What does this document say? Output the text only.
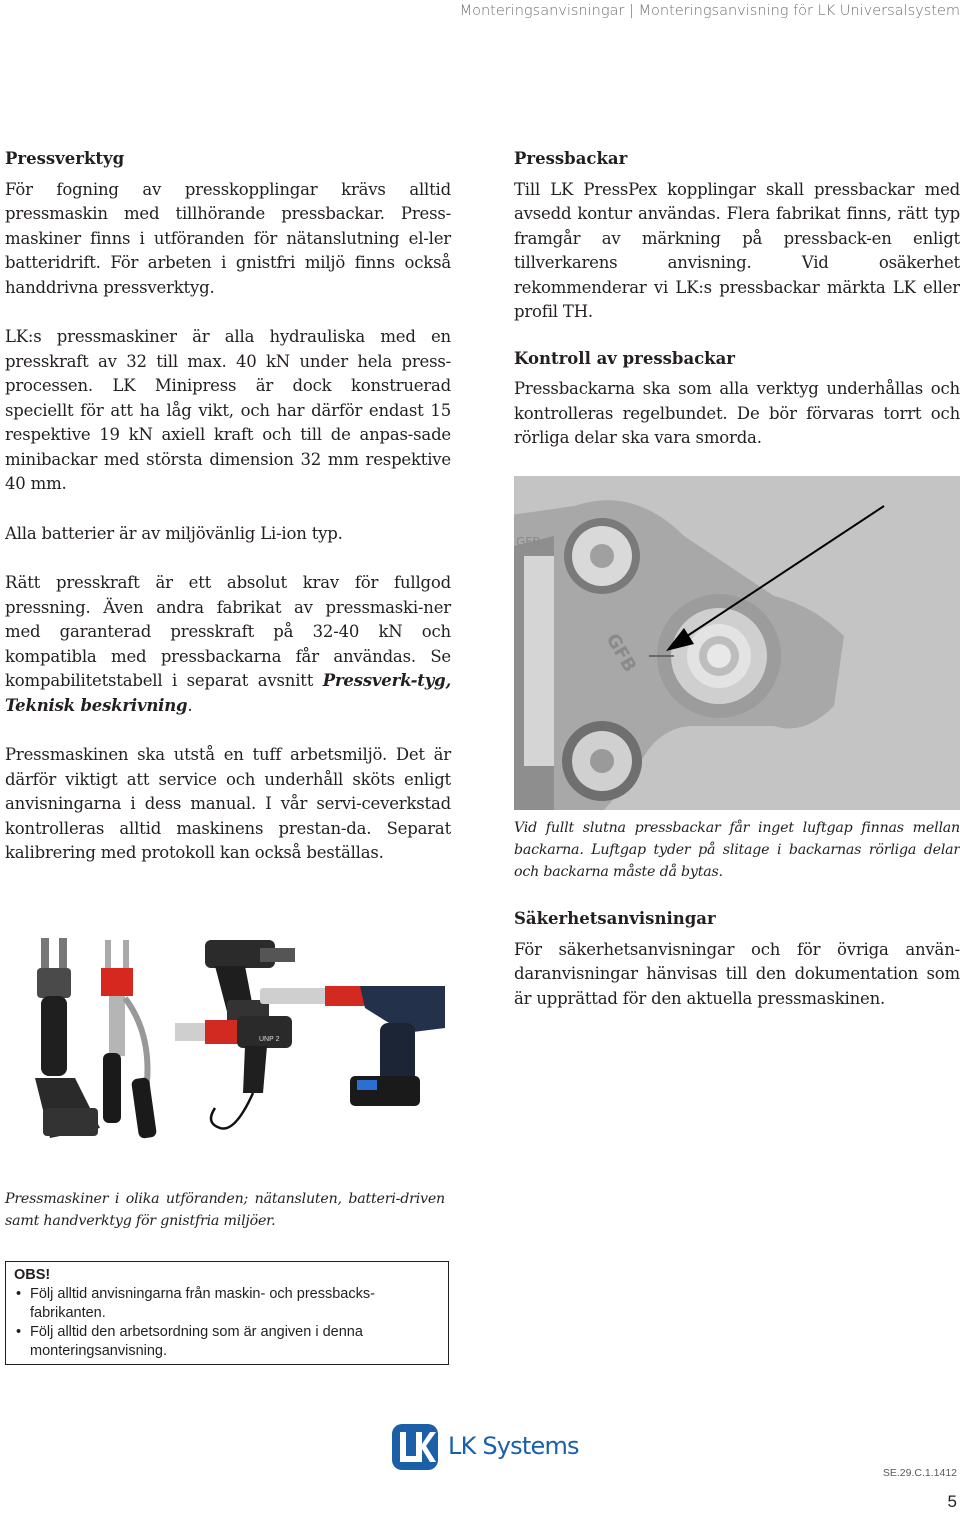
Monteringsanvisningar | Monteringsanvisning för LK Universalsystem
Pressverktyg

För fogning av presskopplingar krävs alltid pressmaskin med tillhörande pressbackar. Press-maskiner finns i utföranden för nätanslutning el-ler batteridrift. För arbeten i gnistfri miljö finns också handdrivna pressverktyg.

LK:s pressmaskiner är alla hydrauliska med en presskraft av 32 till max. 40 kN under hela press-processen. LK Minipress är dock konstruerad speciellt för att ha låg vikt, och har därför endast 15 respektive 19 kN axiell kraft och till de anpas-sade minibackar med största dimension 32 mm respektive 40 mm.

Alla batterier är av miljövänlig Li-ion typ.

Rätt presskraft är ett absolut krav för fullgod pressning. Även andra fabrikat av pressmaski-ner med garanterad presskraft på 32-40 kN och kompatibla med pressbackarna får användas. Se kompabilitetstabell i separat avsnitt Pressverk-tyg, Teknisk beskrivning.

Pressmaskinen ska utstå en tuff arbetsmiljö. Det är därför viktigt att service och underhåll sköts enligt anvisningarna i dess manual. I vår servi-ceverkstad kontrolleras alltid maskinens prestan-da. Separat kalibrering med protokoll kan också beställas.

UNP 2

Pressmaskiner i olika utföranden; nätansluten, batteri-driven samt handverktyg för gnistfria miljöer.

OBS!
• Följ alltid anvisningarna från maskin- och pressbacks-fabrikanten.
• Följ alltid den arbetsordning som är angiven i denna monteringsanvisning.
Pressbackar

Till LK PressPex kopplingar skall pressbackar med avsedd kontur användas. Flera fabrikat finns, rätt typ framgår av märkning på pressback-en enligt tillverkarens anvisning. Vid osäkerhet rekommenderar vi LK:s pressbackar märkta LK eller profil TH.

Kontroll av pressbackar

Pressbackarna ska som alla verktyg underhållas och kontrolleras regelbundet. De bör förvaras torrt och rörliga delar ska vara smorda.

GFB
GFB

Vid fullt slutna pressbackar får inget luftgap finnas mellan backarna. Luftgap tyder på slitage i backarnas rörliga delar och backarna måste då bytas.

Säkerhetsanvisningar

För säkerhetsanvisningar och för övriga använ-daranvisningar hänvisas till den dokumentation som är upprättad för den aktuella pressmaskinen.

LK Systems
SE.29.C.1.1412
5
